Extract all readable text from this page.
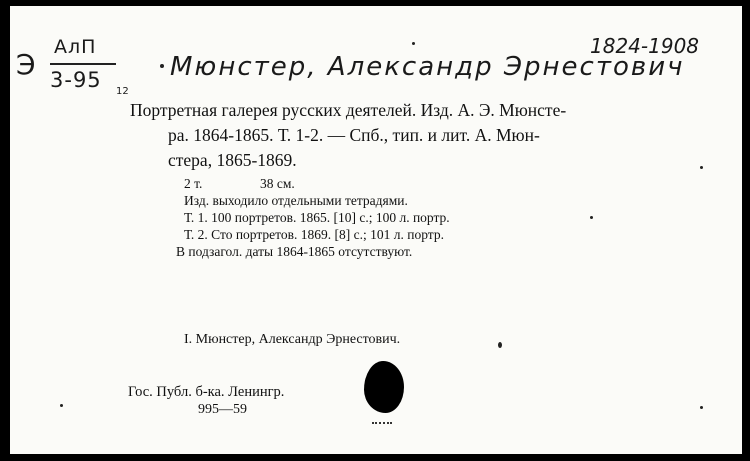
Э
АлП
3-95 12
1824-1908
Мюнстер, Александр Эрнестович
Портретная галерея русских деятелей. Изд. А. Э. Мюнсте-
ра. 1864-1865. Т. 1-2. — Спб., тип. и лит. А. Мюн-
стера, 1865-1869.
2 т.	38 см.
Изд. выходило отдельными тетрадями.
Т. 1. 100 портретов. 1865. [10] с.; 100 л. портр.
Т. 2. Сто портретов. 1869. [8] с.; 101 л. портр.
В подзагол. даты 1864-1865 отсутствуют.
I. Мюнстер, Александр Эрнестович.
Гос. Публ. б-ка. Ленингр.
995—59
